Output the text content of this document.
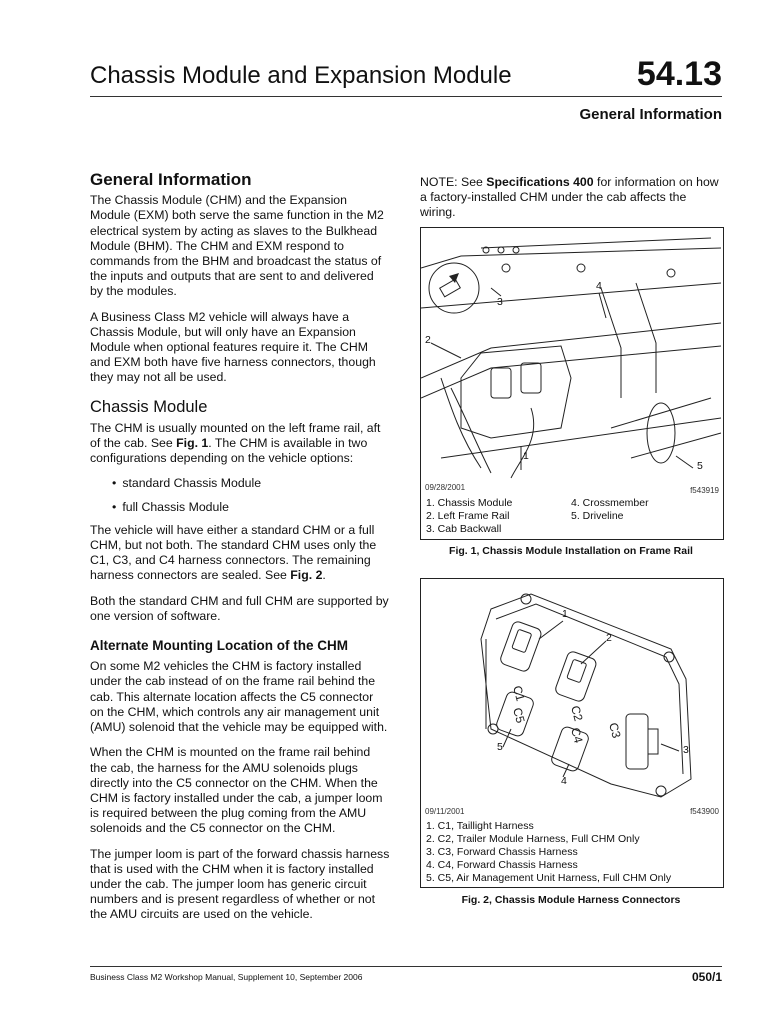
Chassis Module and Expansion Module	54.13
General Information
General Information

The Chassis Module (CHM) and the Expansion Module (EXM) both serve the same function in the M2 electrical system by acting as slaves to the Bulkhead Module (BHM). The CHM and EXM respond to commands from the BHM and broadcast the status of the inputs and outputs that are sent to and delivered by the modules.

A Business Class M2 vehicle will always have a Chassis Module, but will only have an Expansion Module when optional features require it. The CHM and EXM both have five harness connectors, though they may not all be used.

Chassis Module

The CHM is usually mounted on the left frame rail, aft of the cab. See Fig. 1. The CHM is available in two configurations depending on the vehicle options:

• standard Chassis Module
• full Chassis Module

The vehicle will have either a standard CHM or a full CHM, but not both. The standard CHM uses only the C1, C3, and C4 harness connectors. The remaining harness connectors are sealed. See Fig. 2.

Both the standard CHM and full CHM are supported by one version of software.

Alternate Mounting Location of the CHM

On some M2 vehicles the CHM is factory installed under the cab instead of on the frame rail behind the cab. This alternate location affects the C5 connector on the CHM, which controls any air management unit (AMU) solenoid that the vehicle may be equipped with.

When the CHM is mounted on the frame rail behind the cab, the harness for the AMU solenoids plugs directly into the C5 connector on the CHM. When the CHM is factory installed under the cab, a jumper loom is required between the plug coming from the AMU solenoids and the C5 connector on the CHM.

The jumper loom is part of the forward chassis harness that is used with the CHM when it is factory installed under the cab. The jumper loom has generic circuit numbers and is present regardless of whether or not the AMU circuits are used on the vehicle.

NOTE: See Specifications 400 for information on how a factory-installed CHM under the cab affects the wiring.

3
2
4
1
5
09/28/2001	f543919
1. Chassis Module
2. Left Frame Rail
3. Cab Backwall
4. Crossmember
5. Driveline
Fig. 1, Chassis Module Installation on Frame Rail
C1
C5	C2
C4 C3
1
2
3
4
5
09/11/2001	f543900
1. C1, Taillight Harness
2. C2, Trailer Module Harness, Full CHM Only
3. C3, Forward Chassis Harness
4. C4, Forward Chassis Harness
5. C5, Air Management Unit Harness, Full CHM Only
Fig. 2, Chassis Module Harness Connectors
Business Class M2 Workshop Manual, Supplement 10, September 2006	050/1
